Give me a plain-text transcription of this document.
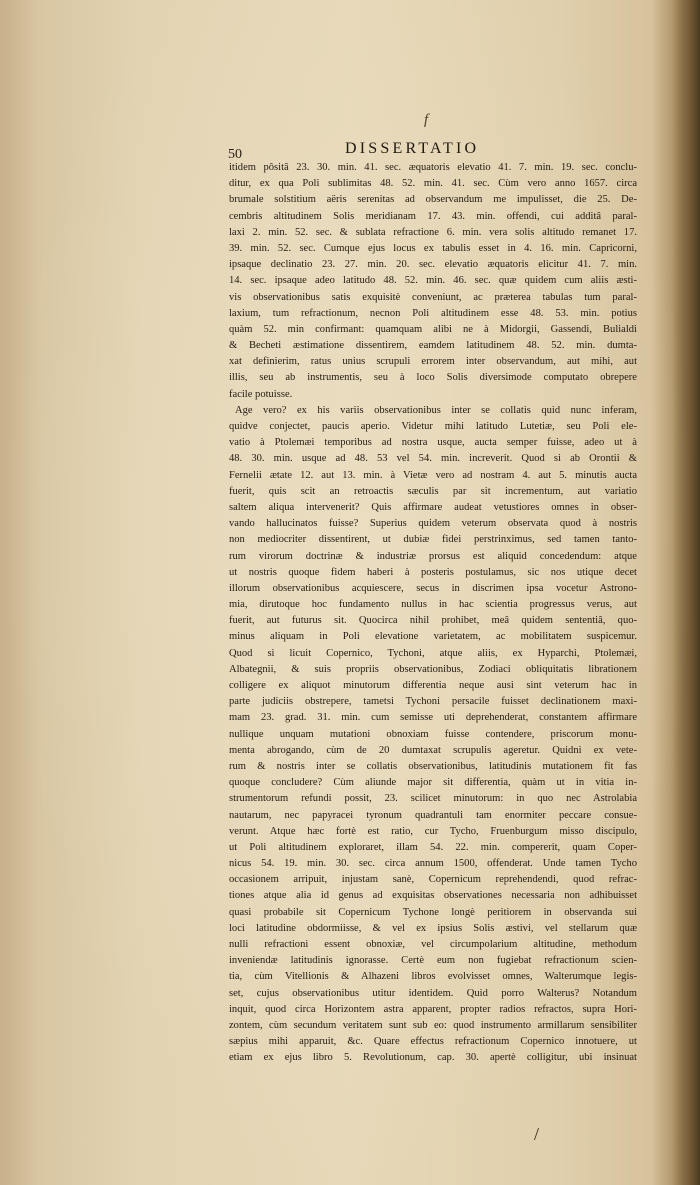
f
50	DISSERTATIO
itidem pôsitâ 23. 30. min. 41. sec. æquatoris elevatio 41. 7. min. 19. sec. conclu-
ditur, ex qua Poli sublimitas 48. 52. min. 41. sec. Cùm vero anno 1657. circa
brumale solstitium aëris serenitas ad observandum me impulisset, die 25. De-
cembris altitudinem Solis meridianam 17. 43. min. offendi, cui additâ paral-
laxi 2. min. 52. sec. & sublata refractione 6. min. vera solis altitudo remanet 17.
39. min. 52. sec. Cumque ejus locus ex tabulis esset in 4. 16. min. Capricorni,
ipsaque declinatio 23. 27. min. 20. sec. elevatio æquatoris elicitur 41. 7. min.
14. sec. ipsaque adeo latitudo 48. 52. min. 46. sec. quæ quidem cum aliis æsti-
vis observationibus satis exquisitè conveniunt, ac præterea tabulas tum paral-
laxium, tum refractionum, necnon Poli altitudinem esse 48. 53. min. potius
quàm 52. min confirmant: quamquam alibi ne à Midorgii, Gassendi, Bulialdi
& Becheti æstimatione dissentirem, eamdem latitudinem 48. 52. min. dumta-
xat definierim, ratus unius scrupuli errorem inter observandum, aut mihi, aut
illis, seu ab instrumentis, seu à loco Solis diversimode computato obrepere
facile potuisse.
Age vero? ex his variis observationibus inter se collatis quid nunc inferam,
quidve conjectet, paucis aperio. Videtur mihi latitudo Lutetiæ, seu Poli ele-
vatio à Ptolemæi temporibus ad nostra usque, aucta semper fuisse, adeo ut à
48. 30. min. usque ad 48. 53 vel 54. min. increverit. Quod si ab Orontii &
Fernelii ætate 12. aut 13. min. à Vietæ vero ad nostram 4. aut 5. minutis aucta
fuerit, quis scit an retroactis sæculis par sit incrementum, aut variatio
saltem aliqua intervenerit? Quis affirmare audeat vetustiores omnes in obser-
vando hallucinatos fuisse? Superius quidem veterum observata quod à nostris
non mediocriter dissentirent, ut dubiæ fidei perstrinximus, sed tamen tanto-
rum virorum doctrinæ & industriæ prorsus est aliquid concedendum: atque
ut nostris quoque fidem haberi à posteris postulamus, sic nos utique decet
illorum observationibus acquiescere, secus in discrimen ipsa vocetur Astrono-
mia, dirutoque hoc fundamento nullus in hac scientia progressus verus, aut
fuerit, aut futurus sit. Quocirca nihil prohibet, meâ quidem sententiâ, quo-
minus aliquam in Poli elevatione varietatem, ac mobilitatem suspicemur.
Quod si licuit Copernico, Tychoni, atque aliis, ex Hyparchi, Ptolemæi,
Albategnii, & suis propriis observationibus, Zodiaci obliquitatis librationem
colligere ex aliquot minutorum differentia neque ausi sint veterum hac in
parte judiciis obstrepere, tametsi Tychoni persacile fuisset declinationem maxi-
mam 23. grad. 31. min. cum semisse uti deprehenderat, constantem affirmare
nullique unquam mutationi obnoxiam fuisse contendere, priscorum monu-
menta abrogando, cùm de 20 dumtaxat scrupulis ageretur. Quidni ex vete-
rum & nostris inter se collatis observationibus, latitudinis mutationem fit fas
quoque concludere? Cùm aliunde major sit differentia, quàm ut in vitia in-
strumentorum refundi possit, 23. scilicet minutorum: in quo nec Astrolabia
nautarum, nec papyracei tyronum quadrantuli tam enormiter peccare consue-
verunt. Atque hæc fortè est ratio, cur Tycho, Fruenburgum misso discipulo,
ut Poli altitudinem exploraret, illam 54. 22. min. compererit, quam Coper-
nicus 54. 19. min. 30. sec. circa annum 1500, offenderat. Unde tamen Tycho
occasionem arripuit, injustam sanè, Copernicum reprehendendi, quod refrac-
tiones atque alia id genus ad exquisitas observationes necessaria non adhibuisset
quasi probabile sit Copernicum Tychone longè peritiorem in observanda sui
loci latitudine obdormiisse, & vel ex ipsius Solis æstivi, vel stellarum quæ
nulli refractioni essent obnoxiæ, vel circumpolarium altitudine, methodum
inveniendæ latitudinis ignorasse. Certè eum non fugiebat refractionum scien-
tia, cùm Vitellionis & Alhazeni libros evolvisset omnes, Walterumque legis-
set, cujus observationibus utitur identidem. Quid porro Walterus? Notandum
inquit, quod circa Horizontem astra apparent, propter radios refractos, supra Hori-
zontem, cùm secundum veritatem sunt sub eo: quod instrumento armillarum sensibiliter
sæpius mihi apparuit, &c. Quare effectus refractionum Copernico innotuere, ut
etiam ex ejus libro 5. Revolutionum, cap. 30. apertè colligitur, ubi insinuat
/
